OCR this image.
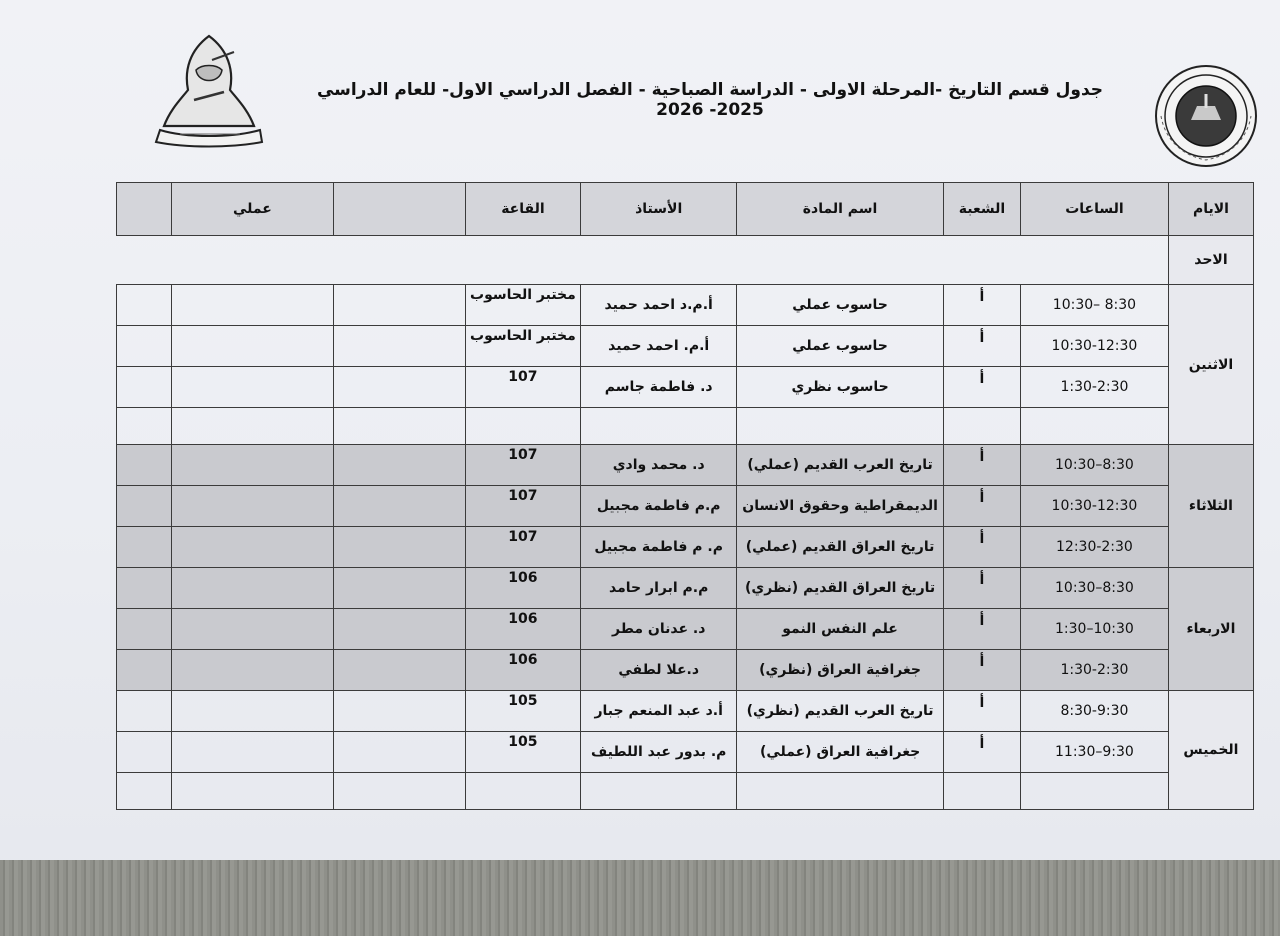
جدول قسم التاريخ -المرحلة الاولى - الدراسة الصباحية - الفصل الدراسي الاول- للعام الدراسي 2025- 2026
الايام	الساعات	الشعبة	اسم المادة	الأستاذ	القاعة		عملي	
الاحد								
الاثنين	8:30 –10:30	أ	حاسوب عملي	أ.م.د احمد حميد	مختبر الحاسوب			
	10:30-12:30	أ	حاسوب عملي	أ.م. احمد حميد	مختبر الحاسوب			
	1:30-2:30	أ	حاسوب نظري	د. فاطمة جاسم	107			

الثلاثاء	8:30–10:30	أ	تاريخ العرب القديم (عملي)	د. محمد وادي	107			
	10:30-12:30	أ	الديمقراطية وحقوق الانسان	م.م فاطمة مجبيل	107			
	12:30-2:30	أ	تاريخ العراق القديم (عملي)	م. م فاطمة مجبيل	107			
الاربعاء	8:30–10:30	أ	تاريخ العراق القديم (نظري)	م.م ابرار حامد	106			
	10:30–1:30	أ	علم النفس النمو	د. عدنان مطر	106			
	1:30-2:30	أ	جغرافية العراق (نظري)	د.علا لطفي	106			
الخميس	8:30-9:30	أ	تاريخ العرب القديم (نظري)	أ.د عبد المنعم جبار	105			
	9:30–11:30	أ	جغرافية العراق (عملي)	م. بدور عبد اللطيف	105			
